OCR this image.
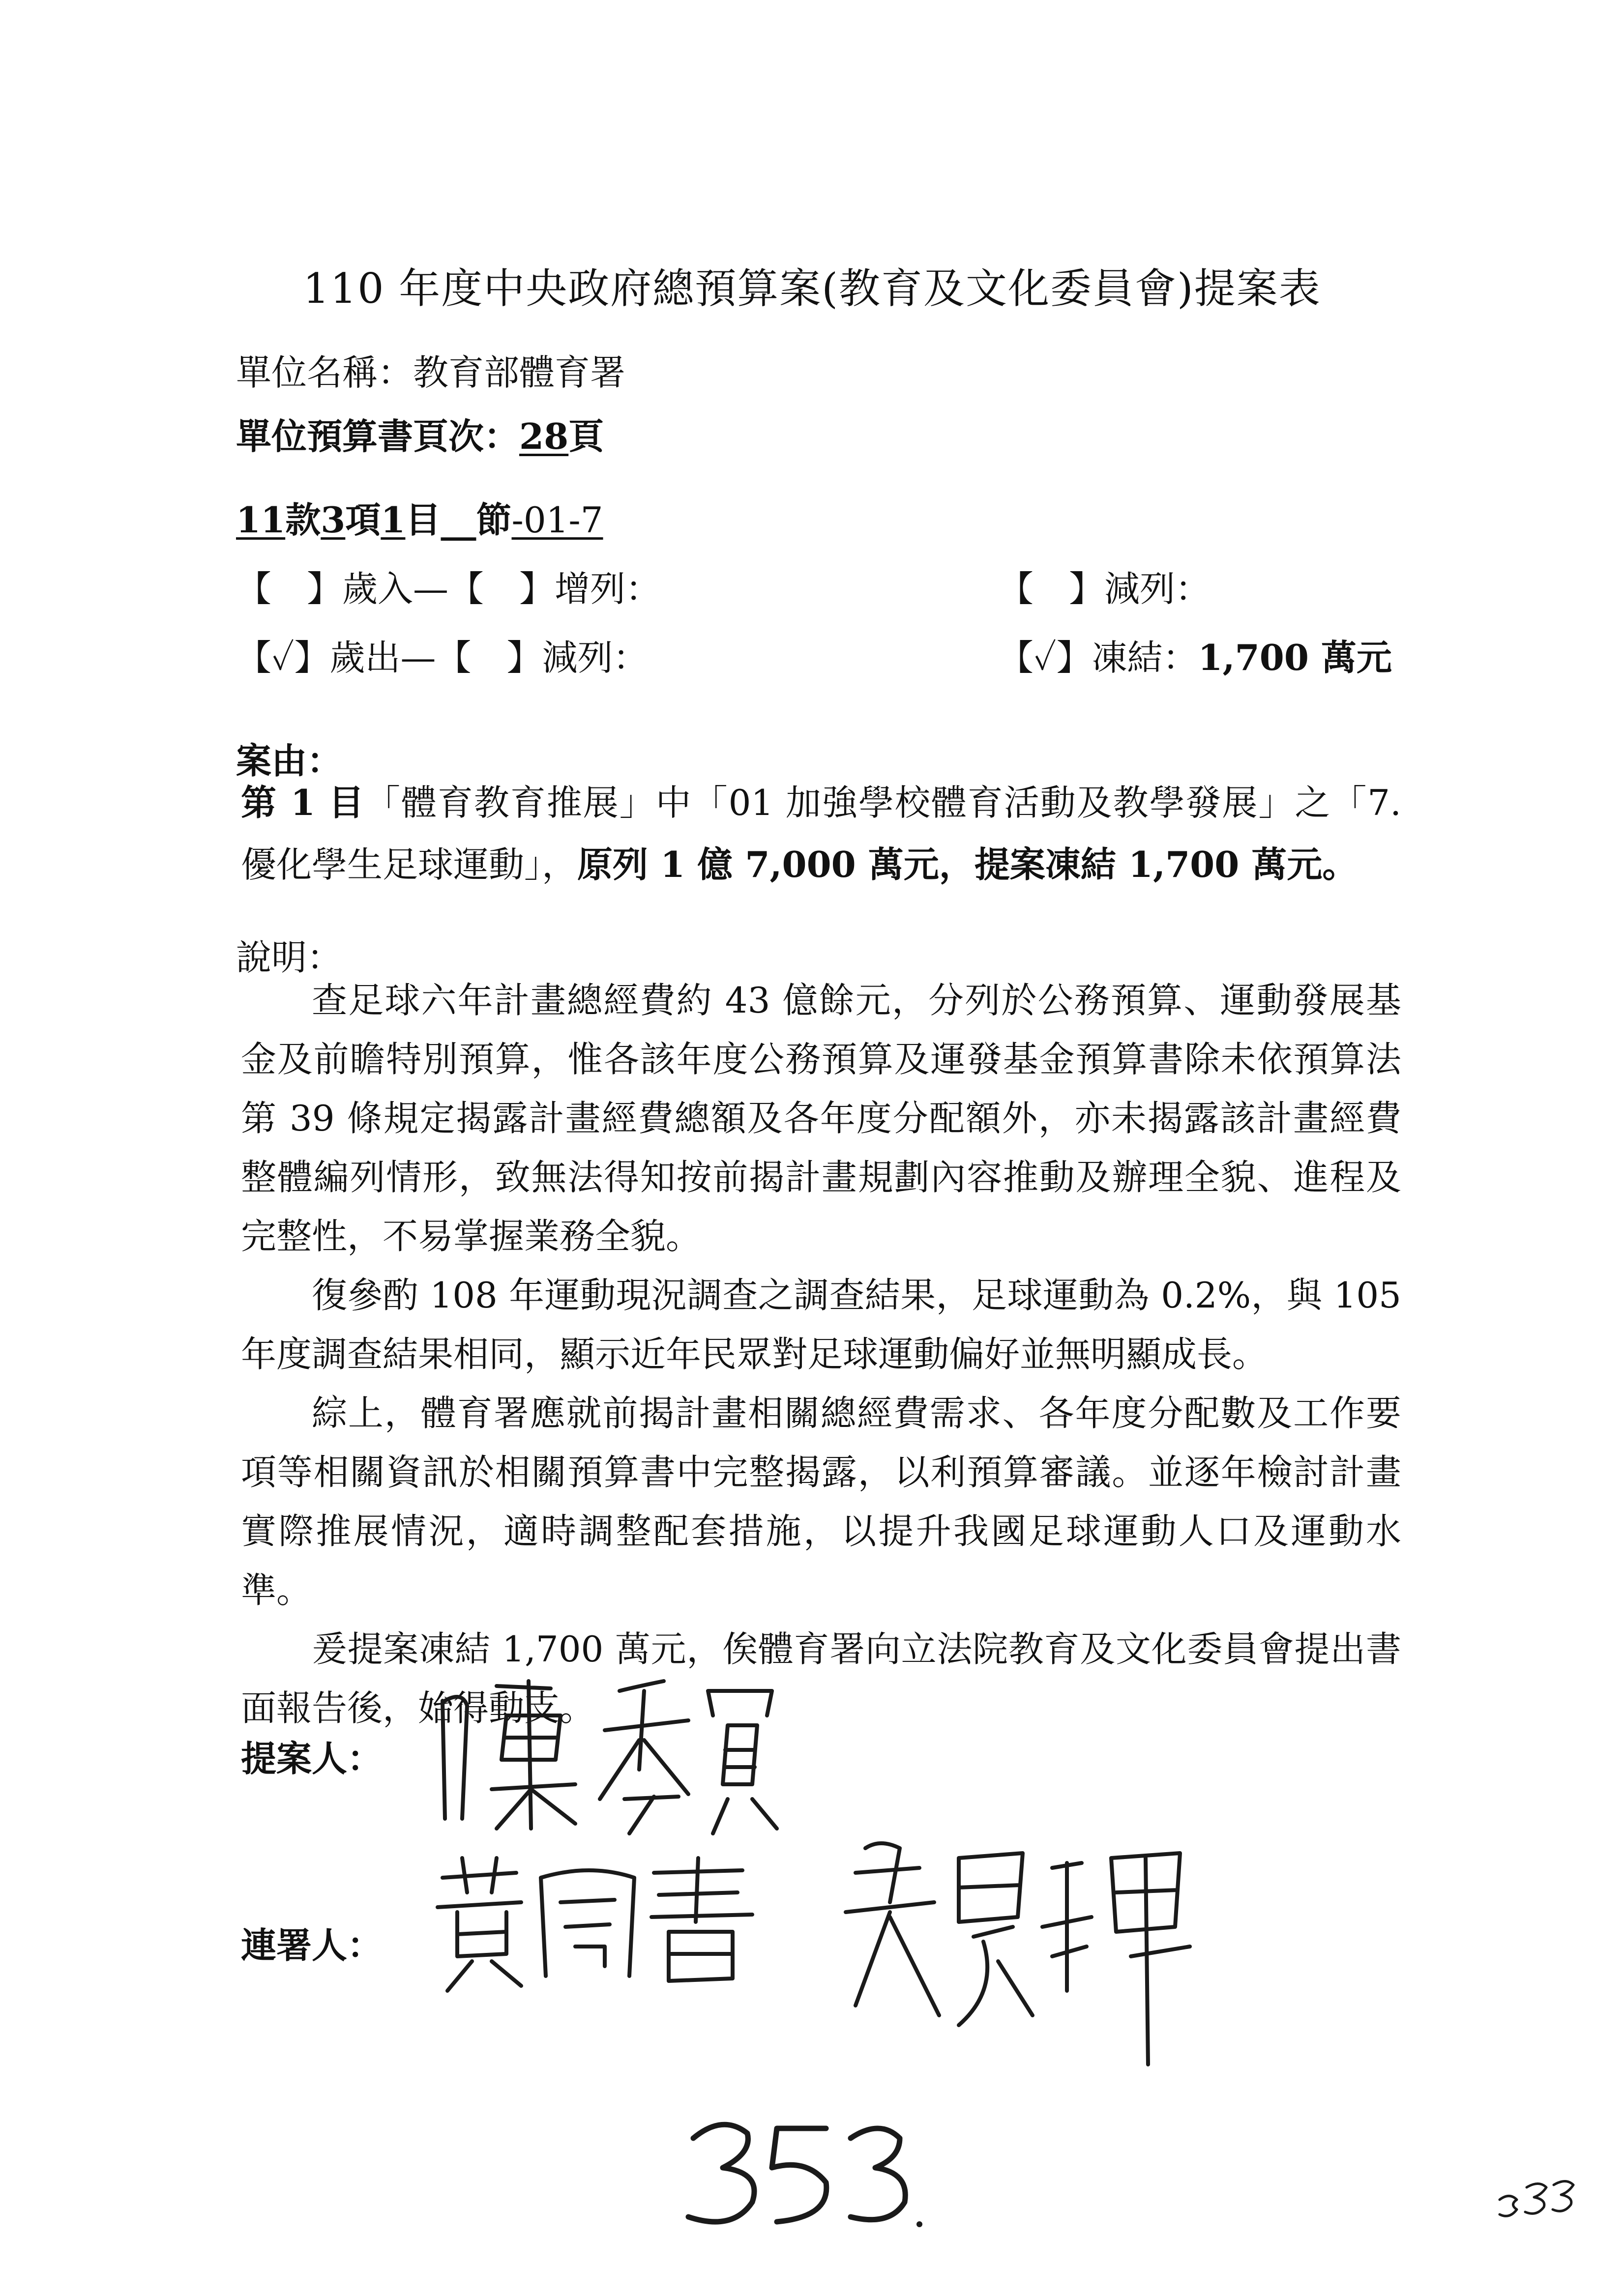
110 年度中央政府總預算案(教育及文化委員會)提案表
單位名稱：教育部體育署
單位預算書頁次：28頁
11款3項1目__節-01-7
【　】歲入—【　】增列：	【　】減列：
【✓】歲出—【　】減列：	【✓】凍結：1,700 萬元
案由：
第 1 目「體育教育推展」中「01 加強學校體育活動及教學發展」之「7.優化學生足球運動」，原列 1 億 7,000 萬元，提案凍結 1,700 萬元。
說明：

查足球六年計畫總經費約 43 億餘元，分列於公務預算、運動發展基金及前瞻特別預算，惟各該年度公務預算及運發基金預算書除未依預算法第 39 條規定揭露計畫經費總額及各年度分配額外，亦未揭露該計畫經費整體編列情形，致無法得知按前揭計畫規劃內容推動及辦理全貌、進程及完整性，不易掌握業務全貌。

復參酌 108 年運動現況調查之調查結果，足球運動為 0.2%，與 105 年度調查結果相同，顯示近年民眾對足球運動偏好並無明顯成長。

綜上，體育署應就前揭計畫相關總經費需求、各年度分配數及工作要項等相關資訊於相關預算書中完整揭露，以利預算審議。並逐年檢討計畫實際推展情況，適時調整配套措施，以提升我國足球運動人口及運動水準。

爰提案凍結 1,700 萬元，俟體育署向立法院教育及文化委員會提出書面報告後，始得動支。

提案人：
連署人：
